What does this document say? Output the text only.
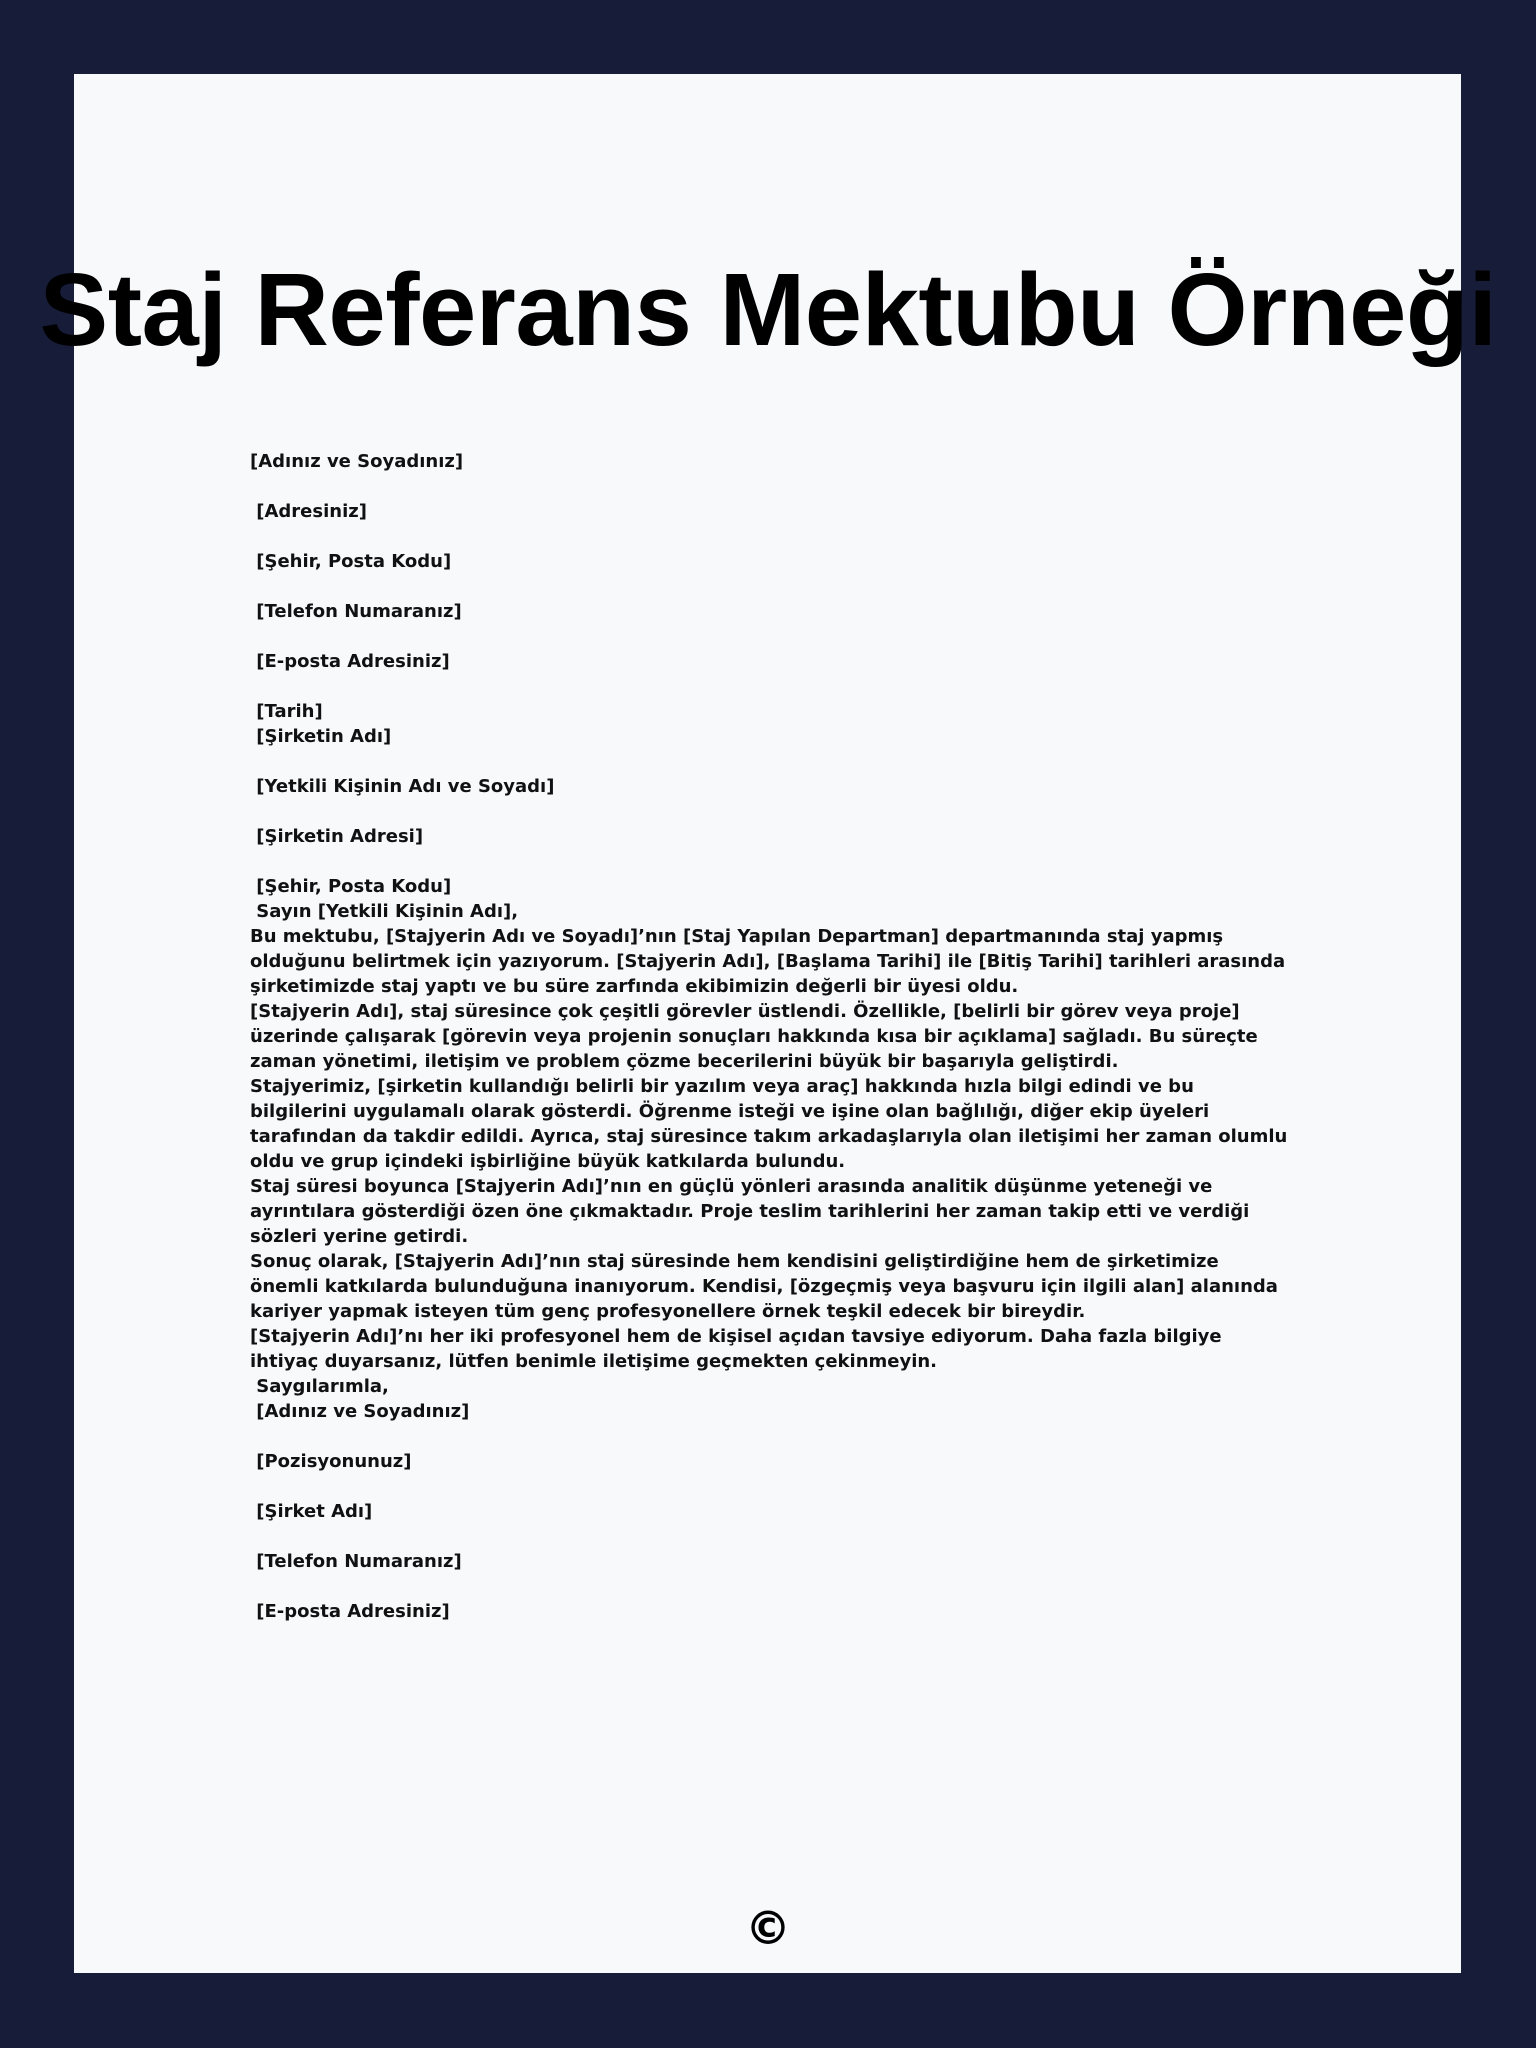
Staj Referans Mektubu Örneği
[Adınız ve Soyadınız]
[Adresiniz]
[Şehir, Posta Kodu]
[Telefon Numaranız]
[E-posta Adresiniz]
[Tarih]
[Şirketin Adı]
[Yetkili Kişinin Adı ve Soyadı]
[Şirketin Adresi]
[Şehir, Posta Kodu]
Sayın [Yetkili Kişinin Adı],
Bu mektubu, [Stajyerin Adı ve Soyadı]’nın [Staj Yapılan Departman] departmanında staj yapmış olduğunu belirtmek için yazıyorum. [Stajyerin Adı], [Başlama Tarihi] ile [Bitiş Tarihi] tarihleri arasında şirketimizde staj yaptı ve bu süre zarfında ekibimizin değerli bir üyesi oldu.
[Stajyerin Adı], staj süresince çok çeşitli görevler üstlendi. Özellikle, [belirli bir görev veya proje] üzerinde çalışarak [görevin veya projenin sonuçları hakkında kısa bir açıklama] sağladı. Bu süreçte zaman yönetimi, iletişim ve problem çözme becerilerini büyük bir başarıyla geliştirdi.
Stajyerimiz, [şirketin kullandığı belirli bir yazılım veya araç] hakkında hızla bilgi edindi ve bu bilgilerini uygulamalı olarak gösterdi. Öğrenme isteği ve işine olan bağlılığı, diğer ekip üyeleri tarafından da takdir edildi. Ayrıca, staj süresince takım arkadaşlarıyla olan iletişimi her zaman olumlu oldu ve grup içindeki işbirliğine büyük katkılarda bulundu.
Staj süresi boyunca [Stajyerin Adı]’nın en güçlü yönleri arasında analitik düşünme yeteneği ve ayrıntılara gösterdiği özen öne çıkmaktadır. Proje teslim tarihlerini her zaman takip etti ve verdiği sözleri yerine getirdi.
Sonuç olarak, [Stajyerin Adı]’nın staj süresinde hem kendisini geliştirdiğine hem de şirketimize önemli katkılarda bulunduğuna inanıyorum. Kendisi, [özgeçmiş veya başvuru için ilgili alan] alanında kariyer yapmak isteyen tüm genç profesyonellere örnek teşkil edecek bir bireydir.
[Stajyerin Adı]’nı her iki profesyonel hem de kişisel açıdan tavsiye ediyorum. Daha fazla bilgiye ihtiyaç duyarsanız, lütfen benimle iletişime geçmekten çekinmeyin.
Saygılarımla,
[Adınız ve Soyadınız]
[Pozisyonunuz]
[Şirket Adı]
[Telefon Numaranız]
[E-posta Adresiniz]
©
